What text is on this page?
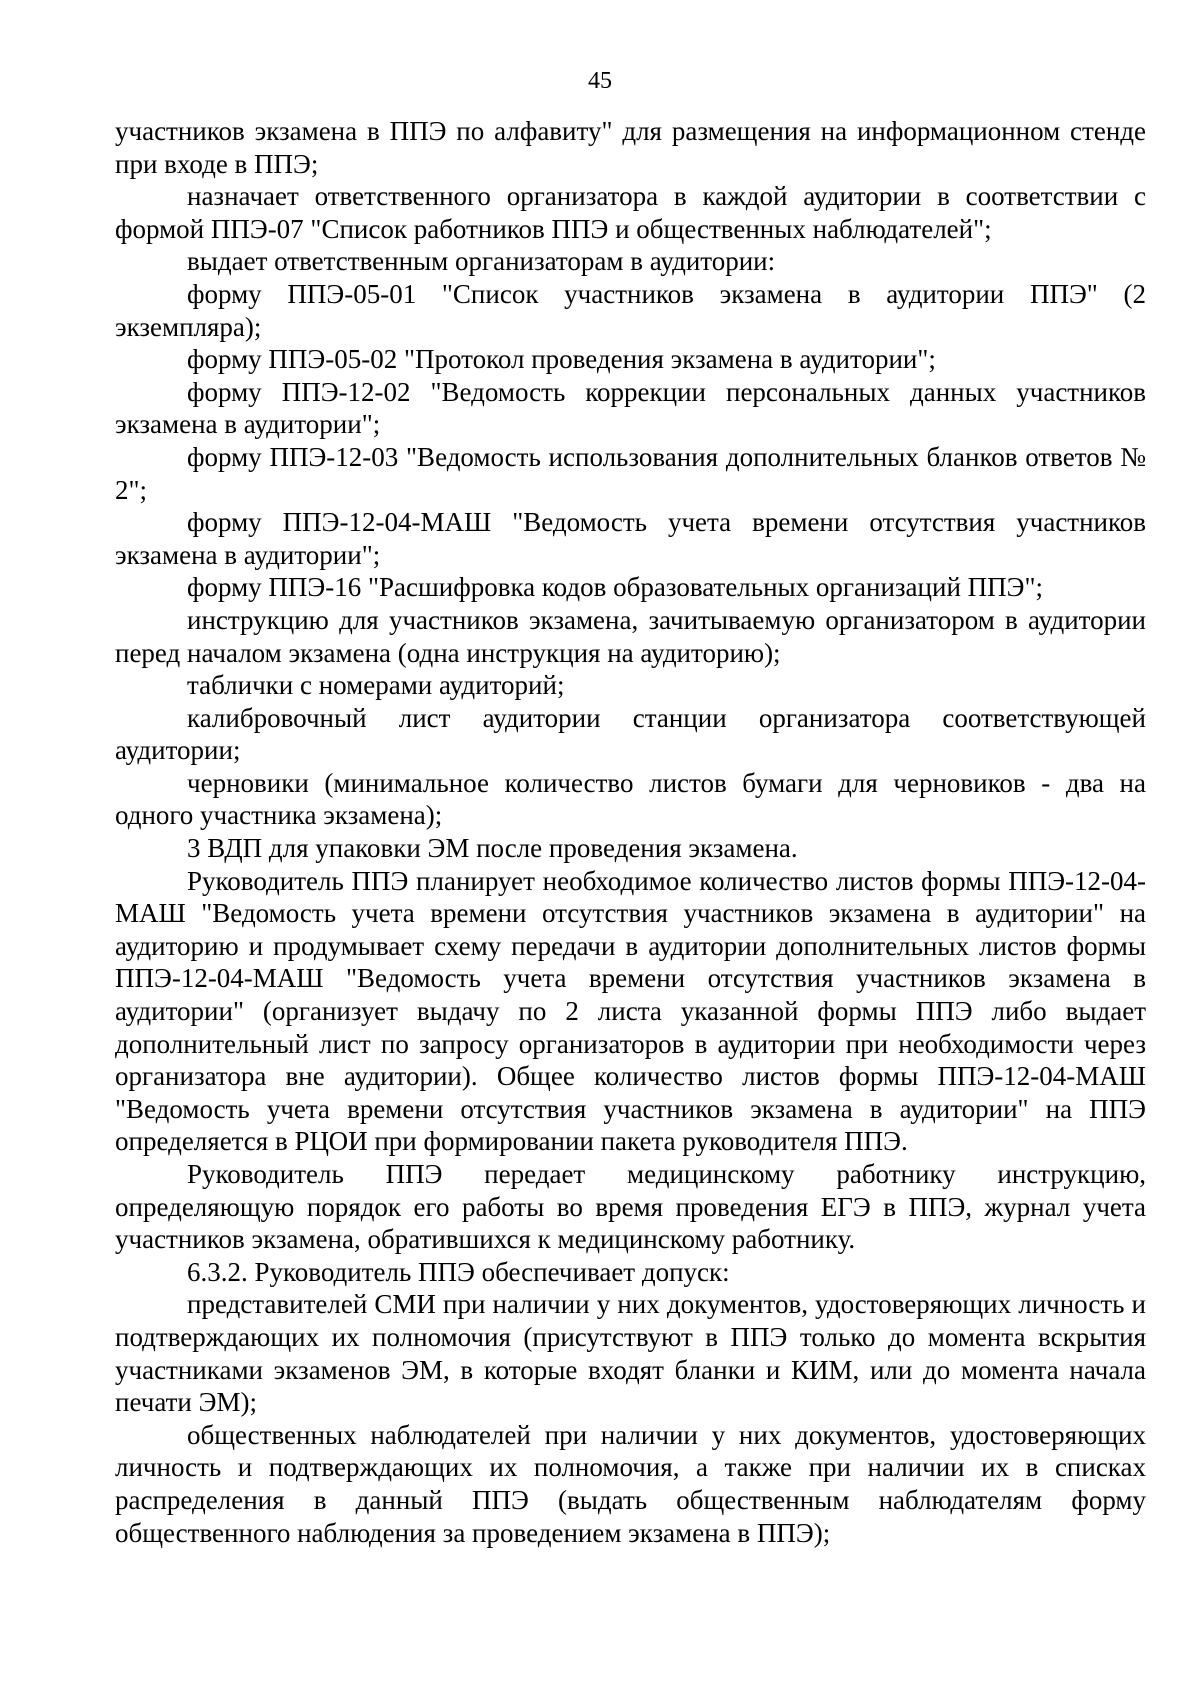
45

участников экзамена в ППЭ по алфавиту" для размещения на информационном стенде при входе в ППЭ;

назначает ответственного организатора в каждой аудитории в соответствии с формой ППЭ-07 "Список работников ППЭ и общественных наблюдателей";

выдает ответственным организаторам в аудитории:

форму ППЭ-05-01 "Список участников экзамена в аудитории ППЭ" (2 экземпляра);

форму ППЭ-05-02 "Протокол проведения экзамена в аудитории";

форму ППЭ-12-02 "Ведомость коррекции персональных данных участников экзамена в аудитории";

форму ППЭ-12-03 "Ведомость использования дополнительных бланков ответов № 2";

форму ППЭ-12-04-МАШ "Ведомость учета времени отсутствия участников экзамена в аудитории";

форму ППЭ-16 "Расшифровка кодов образовательных организаций ППЭ";

инструкцию для участников экзамена, зачитываемую организатором в аудитории перед началом экзамена (одна инструкция на аудиторию);

таблички с номерами аудиторий;

калибровочный лист аудитории станции организатора соответствующей аудитории;

черновики (минимальное количество листов бумаги для черновиков - два на одного участника экзамена);

3 ВДП для упаковки ЭМ после проведения экзамена.

Руководитель ППЭ планирует необходимое количество листов формы ППЭ-12-04-МАШ "Ведомость учета времени отсутствия участников экзамена в аудитории" на аудиторию и продумывает схему передачи в аудитории дополнительных листов формы ППЭ-12-04-МАШ "Ведомость учета времени отсутствия участников экзамена в аудитории" (организует выдачу по 2 листа указанной формы ППЭ либо выдает дополнительный лист по запросу организаторов в аудитории при необходимости через организатора вне аудитории). Общее количество листов формы ППЭ-12-04-МАШ "Ведомость учета времени отсутствия участников экзамена в аудитории" на ППЭ определяется в РЦОИ при формировании пакета руководителя ППЭ.

Руководитель ППЭ передает медицинскому работнику инструкцию, определяющую порядок его работы во время проведения ЕГЭ в ППЭ, журнал учета участников экзамена, обратившихся к медицинскому работнику.

6.3.2. Руководитель ППЭ обеспечивает допуск:

представителей СМИ при наличии у них документов, удостоверяющих личность и подтверждающих их полномочия (присутствуют в ППЭ только до момента вскрытия участниками экзаменов ЭМ, в которые входят бланки и КИМ, или до момента начала печати ЭМ);

общественных наблюдателей при наличии у них документов, удостоверяющих личность и подтверждающих их полномочия, а также при наличии их в списках распределения в данный ППЭ (выдать общественным наблюдателям форму общественного наблюдения за проведением экзамена в ППЭ);
